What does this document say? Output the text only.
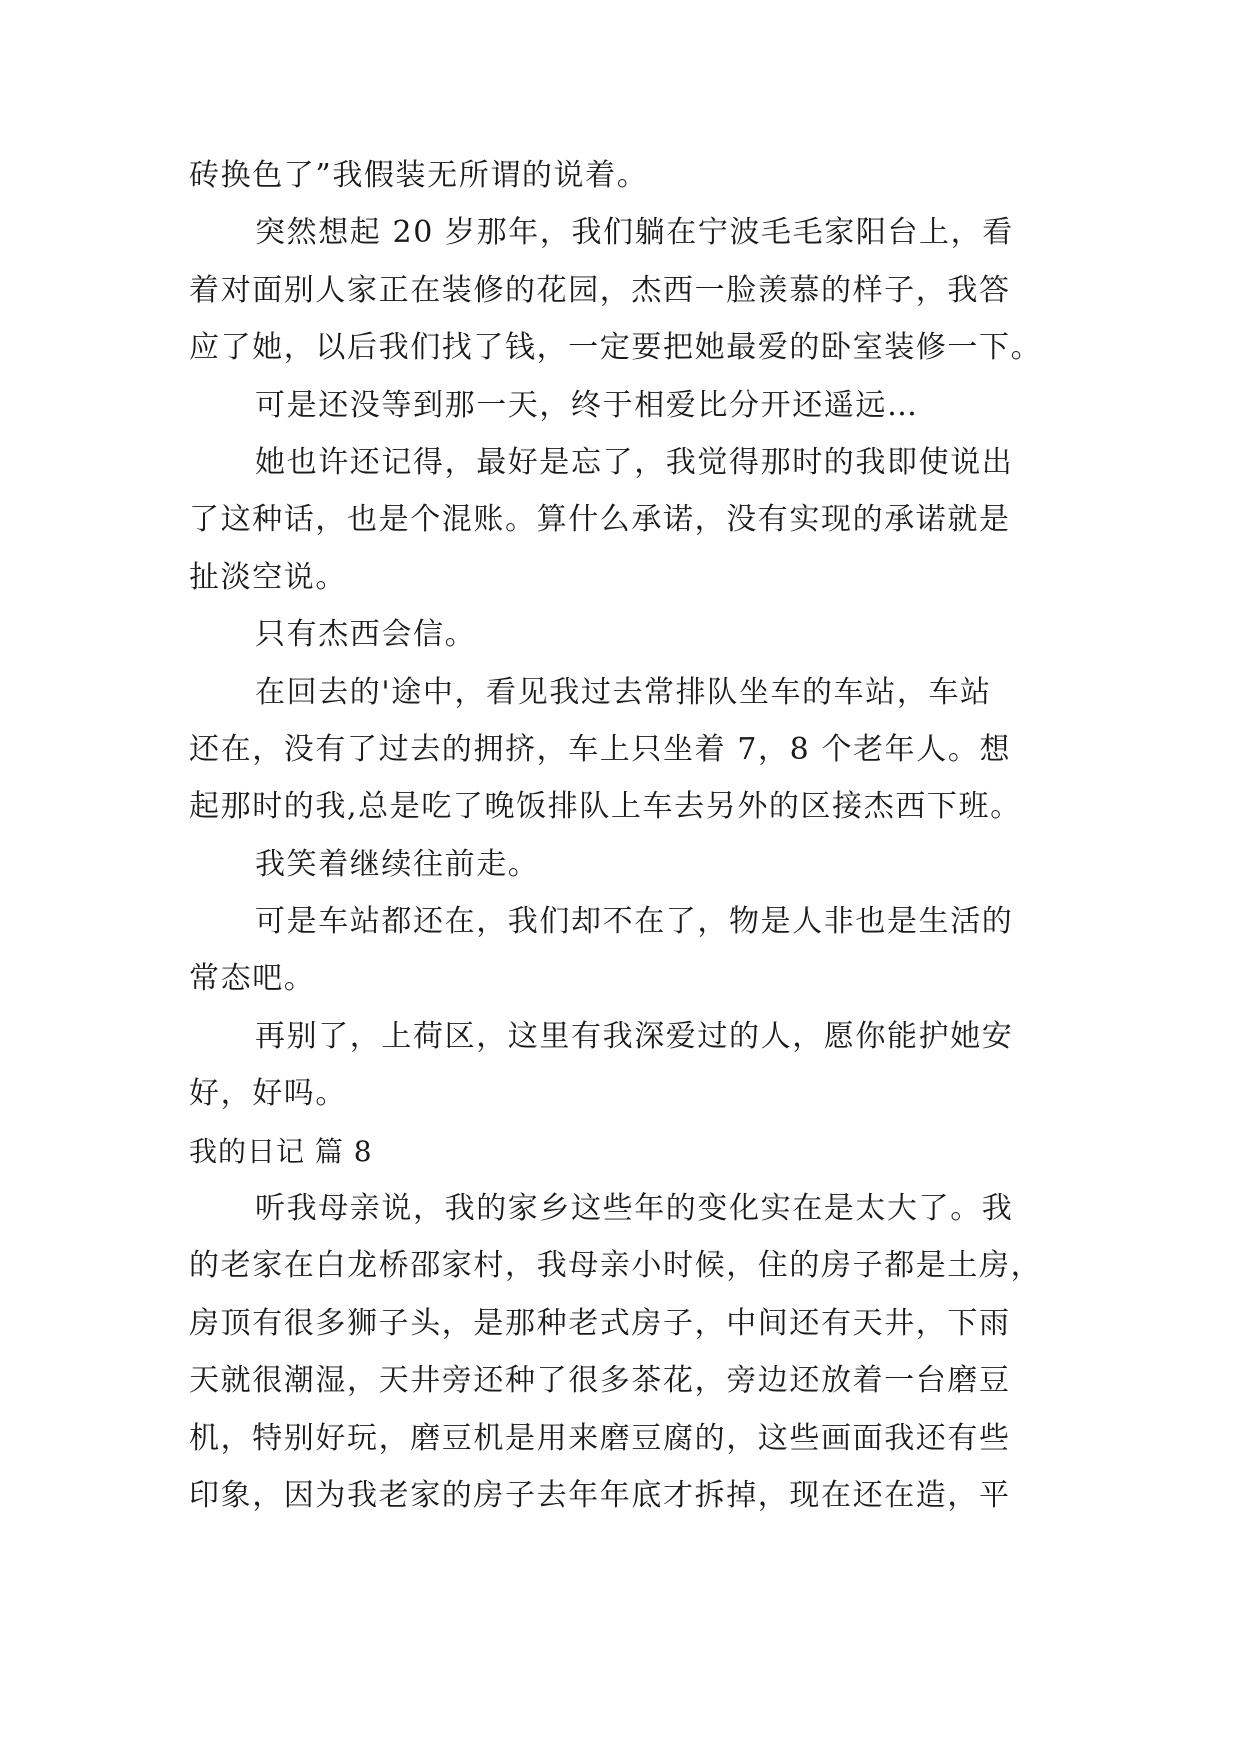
砖换色了”我假装无所谓的说着。
突然想起 20 岁那年，我们躺在宁波毛毛家阳台上，看
着对面别人家正在装修的花园，杰西一脸羡慕的样子，我答
应了她，以后我们找了钱，一定要把她最爱的卧室装修一下。
可是还没等到那一天，终于相爱比分开还遥远…
她也许还记得，最好是忘了，我觉得那时的我即使说出
了这种话，也是个混账。算什么承诺，没有实现的承诺就是
扯淡空说。
只有杰西会信。
在回去的'途中，看见我过去常排队坐车的车站，车站
还在，没有了过去的拥挤，车上只坐着 7，8 个老年人。想
起那时的我,总是吃了晚饭排队上车去另外的区接杰西下班。
我笑着继续往前走。
可是车站都还在，我们却不在了，物是人非也是生活的
常态吧。
再别了，上荷区，这里有我深爱过的人，愿你能护她安
好，好吗。
我的日记 篇 8
听我母亲说，我的家乡这些年的变化实在是太大了。我
的老家在白龙桥邵家村，我母亲小时候，住的房子都是土房，
房顶有很多狮子头，是那种老式房子，中间还有天井，下雨
天就很潮湿，天井旁还种了很多茶花，旁边还放着一台磨豆
机，特别好玩，磨豆机是用来磨豆腐的，这些画面我还有些
印象，因为我老家的房子去年年底才拆掉，现在还在造，平
